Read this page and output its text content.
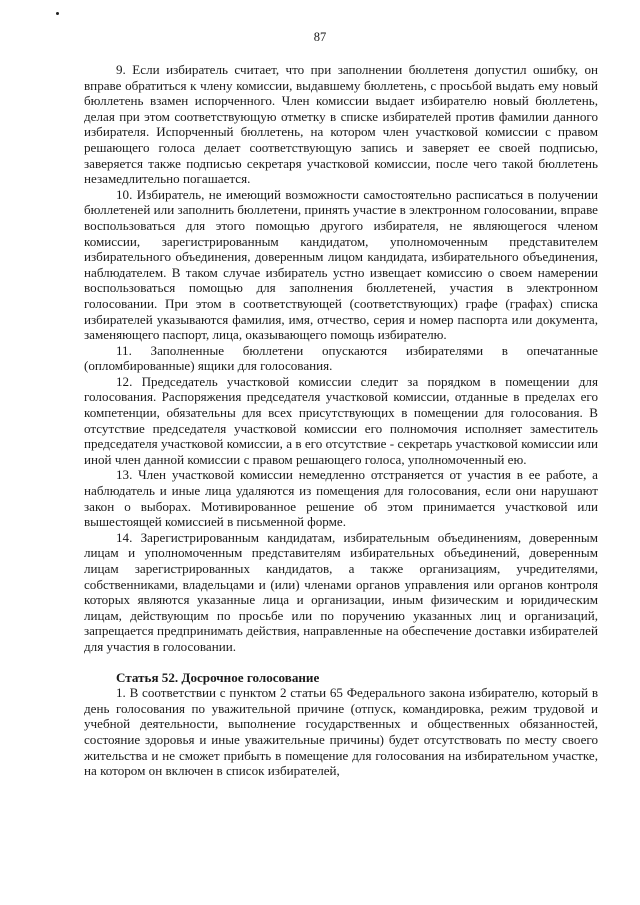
87

9. Если избиратель считает, что при заполнении бюллетеня допустил ошибку, он вправе обратиться к члену комиссии, выдавшему бюллетень, с просьбой выдать ему новый бюллетень взамен испорченного. Член комиссии выдает избирателю новый бюллетень, делая при этом соответствующую отметку в списке избирателей против фамилии данного избирателя. Испорченный бюллетень, на котором член участковой комиссии с правом решающего голоса делает соответствующую запись и заверяет ее своей подписью, заверяется также подписью секретаря участковой комиссии, после чего такой бюллетень незамедлительно погашается.

10. Избиратель, не имеющий возможности самостоятельно расписаться в получении бюллетеней или заполнить бюллетени, принять участие в электронном голосовании, вправе воспользоваться для этого помощью другого избирателя, не являющегося членом комиссии, зарегистрированным кандидатом, уполномоченным представителем избирательного объединения, доверенным лицом кандидата, избирательного объединения, наблюдателем. В таком случае избиратель устно извещает комиссию о своем намерении воспользоваться помощью для заполнения бюллетеней, участия в электронном голосовании. При этом в соответствующей (соответствующих) графе (графах) списка избирателей указываются фамилия, имя, отчество, серия и номер паспорта или документа, заменяющего паспорт, лица, оказывающего помощь избирателю.

11. Заполненные бюллетени опускаются избирателями в опечатанные (опломбированные) ящики для голосования.

12. Председатель участковой комиссии следит за порядком в помещении для голосования. Распоряжения председателя участковой комиссии, отданные в пределах его компетенции, обязательны для всех присутствующих в помещении для голосования. В отсутствие председателя участковой комиссии его полномочия исполняет заместитель председателя участковой комиссии, а в его отсутствие - секретарь участковой комиссии или иной член данной комиссии с правом решающего голоса, уполномоченный ею.

13. Член участковой комиссии немедленно отстраняется от участия в ее работе, а наблюдатель и иные лица удаляются из помещения для голосования, если они нарушают закон о выборах. Мотивированное решение об этом принимается участковой или вышестоящей комиссией в письменной форме.

14. Зарегистрированным кандидатам, избирательным объединениям, доверенным лицам и уполномоченным представителям избирательных объединений, доверенным лицам зарегистрированных кандидатов, а также организациям, учредителями, собственниками, владельцами и (или) членами органов управления или органов контроля которых являются указанные лица и организации, иным физическим и юридическим лицам, действующим по просьбе или по поручению указанных лиц и организаций, запрещается предпринимать действия, направленные на обеспечение доставки избирателей для участия в голосовании.

Статья 52. Досрочное голосование

1. В соответствии с пунктом 2 статьи 65 Федерального закона избирателю, который в день голосования по уважительной причине (отпуск, командировка, режим трудовой и учебной деятельности, выполнение государственных и общественных обязанностей, состояние здоровья и иные уважительные причины) будет отсутствовать по месту своего жительства и не сможет прибыть в помещение для голосования на избирательном участке, на котором он включен в список избирателей,
